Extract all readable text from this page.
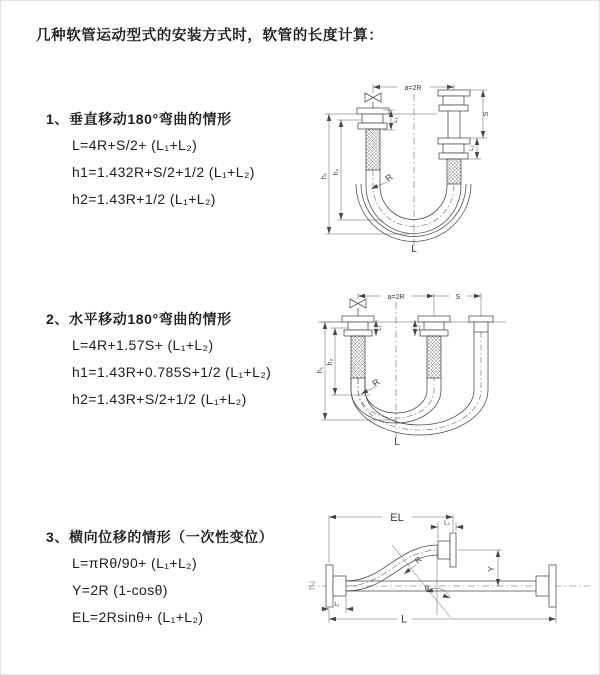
几种软管运动型式的安装方式时，软管的长度计算：
1、垂直移动180°弯曲的情形
L=4R+S/2+ (L₁+L₂)
h1=1.432R+S/2+1/2 (L₁+L₂)
h2=1.43R+1/2 (L₁+L₂)
2、水平移动180°弯曲的情形
L=4R+1.57S+ (L₁+L₂)
h1=1.43R+0.785S+1/2 (L₁+L₂)
h2=1.43R+S/2+1/2 (L₁+L₂)
3、横向位移的情形（一次性变位）
L=πRθ/90+ (L₁+L₂)
Y=2R (1-cosθ)
EL=2Rsinθ+ (L₁+L₂)
a=2R
h₁
h₂
L₁
S
L₂
R
L
a=2R	S
h₁
h₂
L₁	L₂
R
L
θ
EL	L₂
Y
L₁
L
R
